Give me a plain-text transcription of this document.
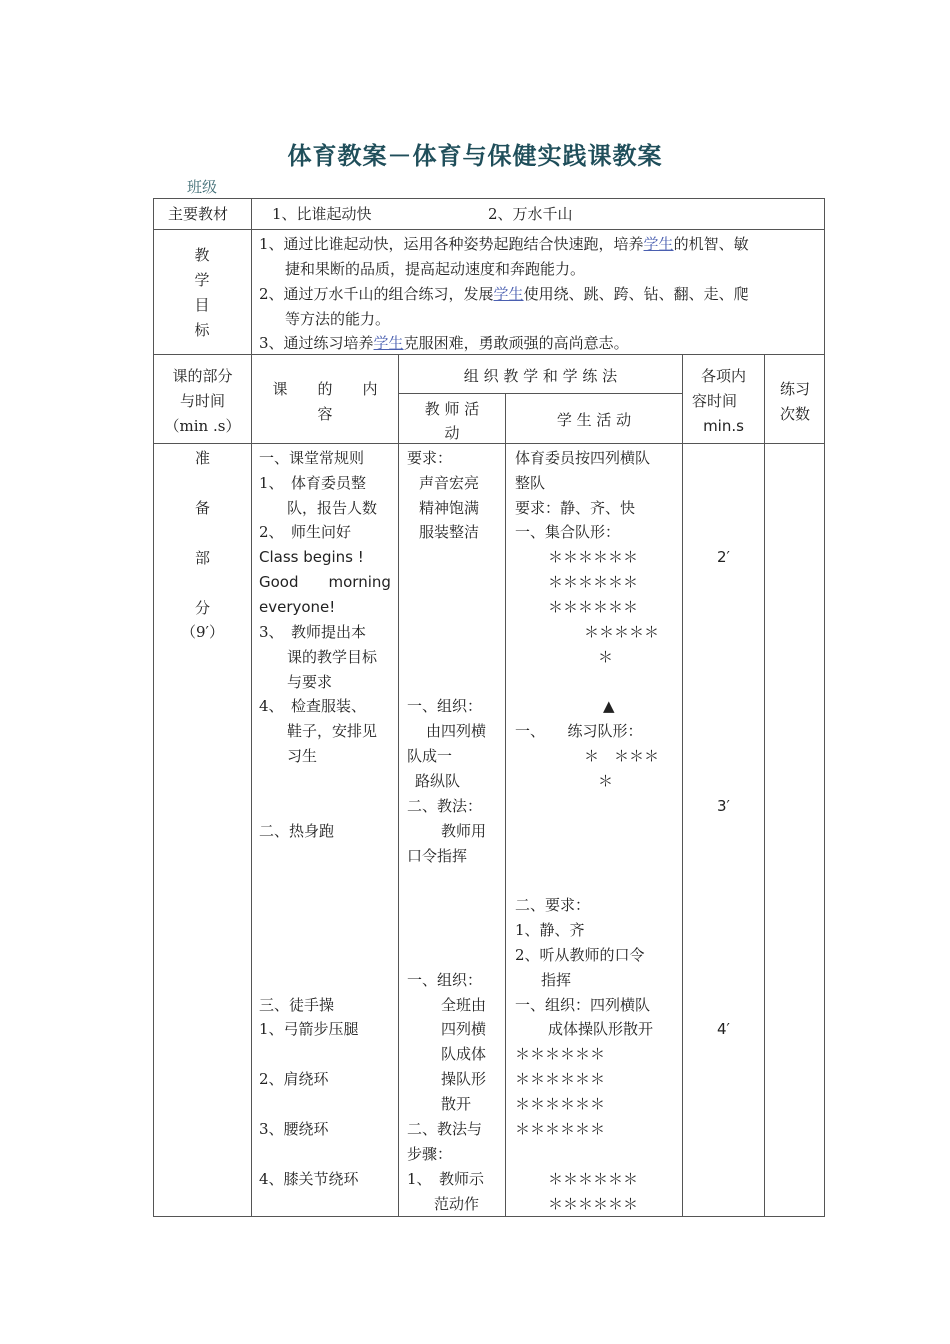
体育教案－体育与保健实践课教案
班级
主要教材	1、比谁起动快	2、万水千山
教
学
目
标
1、通过比谁起动快，运用各种姿势起跑结合快速跑，培养学生的机智、敏
捷和果断的品质，提高起动速度和奔跑能力。
2、通过万水千山的组合练习，发展学生使用绕、跳、跨、钻、翻、走、爬
等方法的能力。
3、通过练习培养学生克服困难，勇敢顽强的高尚意志。
课的部分
与时间
（min .s）
课　　的　　内
容
组 织 教 学 和 学 练 法
教 师 活
动
学 生 活 动
各项内
容时间
min.s
练习
次数
准
备
部
分
（9′）
一、课堂常规则
1、　体育委员整
队，报告人数
2、　师生问好
Class begins !
Good　　morning
everyone!
3、　教师提出本
课的教学目标
与要求
4、　检查服装、
鞋子，安排见
习生
二、热身跑
三、徒手操
1、弓箭步压腿
2、肩绕环
3、腰绕环
4、膝关节绕环
要求：
声音宏亮
精神饱满
服装整洁
一、组织：
由四列横
队成一
路纵队
二、教法：
教师用
口令指挥
一、组织：
全班由
四列横
队成体
操队形
散开
二、教法与
步骤：
1、　教师示
范动作
体育委员按四列横队
整队
要求：静、齐、快
一、集合队形：
＊＊＊＊＊＊
＊＊＊＊＊＊
＊＊＊＊＊＊
＊＊＊＊＊
＊
▲
一、　　练习队形：
＊　＊＊＊
＊
二、要求：
1、静、齐
2、听从教师的口令
指挥
一、组织：四列横队
成体操队形散开
＊＊＊＊＊＊
＊＊＊＊＊＊
＊＊＊＊＊＊
＊＊＊＊＊＊
＊＊＊＊＊＊
＊＊＊＊＊＊
2′
3′
4′
